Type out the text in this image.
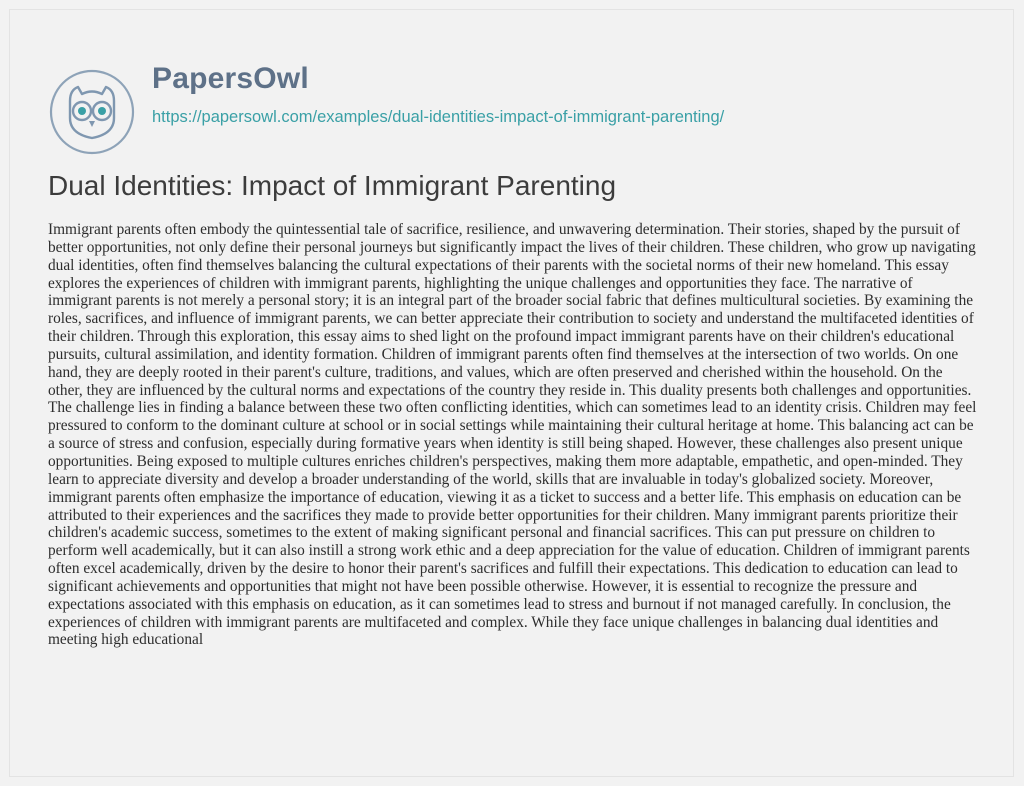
PapersOwl
https://papersowl.com/examples/dual-identities-impact-of-immigrant-parenting/
Dual Identities: Impact of Immigrant Parenting

Immigrant parents often embody the quintessential tale of sacrifice, resilience, and unwavering determination. Their stories, shaped by the pursuit of better opportunities, not only define their personal journeys but significantly impact the lives of their children. These children, who grow up navigating dual identities, often find themselves balancing the cultural expectations of their parents with the societal norms of their new homeland. This essay explores the experiences of children with immigrant parents, highlighting the unique challenges and opportunities they face. The narrative of immigrant parents is not merely a personal story; it is an integral part of the broader social fabric that defines multicultural societies. By examining the roles, sacrifices, and influence of immigrant parents, we can better appreciate their contribution to society and understand the multifaceted identities of their children. Through this exploration, this essay aims to shed light on the profound impact immigrant parents have on their children's educational pursuits, cultural assimilation, and identity formation. Children of immigrant parents often find themselves at the intersection of two worlds. On one hand, they are deeply rooted in their parent's culture, traditions, and values, which are often preserved and cherished within the household. On the other, they are influenced by the cultural norms and expectations of the country they reside in. This duality presents both challenges and opportunities. The challenge lies in finding a balance between these two often conflicting identities, which can sometimes lead to an identity crisis. Children may feel pressured to conform to the dominant culture at school or in social settings while maintaining their cultural heritage at home. This balancing act can be a source of stress and confusion, especially during formative years when identity is still being shaped. However, these challenges also present unique opportunities. Being exposed to multiple cultures enriches children's perspectives, making them more adaptable, empathetic, and open-minded. They learn to appreciate diversity and develop a broader understanding of the world, skills that are invaluable in today's globalized society. Moreover, immigrant parents often emphasize the importance of education, viewing it as a ticket to success and a better life. This emphasis on education can be attributed to their experiences and the sacrifices they made to provide better opportunities for their children. Many immigrant parents prioritize their children's academic success, sometimes to the extent of making significant personal and financial sacrifices. This can put pressure on children to perform well academically, but it can also instill a strong work ethic and a deep appreciation for the value of education. Children of immigrant parents often excel academically, driven by the desire to honor their parent's sacrifices and fulfill their expectations. This dedication to education can lead to significant achievements and opportunities that might not have been possible otherwise. However, it is essential to recognize the pressure and expectations associated with this emphasis on education, as it can sometimes lead to stress and burnout if not managed carefully. In conclusion, the experiences of children with immigrant parents are multifaceted and complex. While they face unique challenges in balancing dual identities and meeting high educational
